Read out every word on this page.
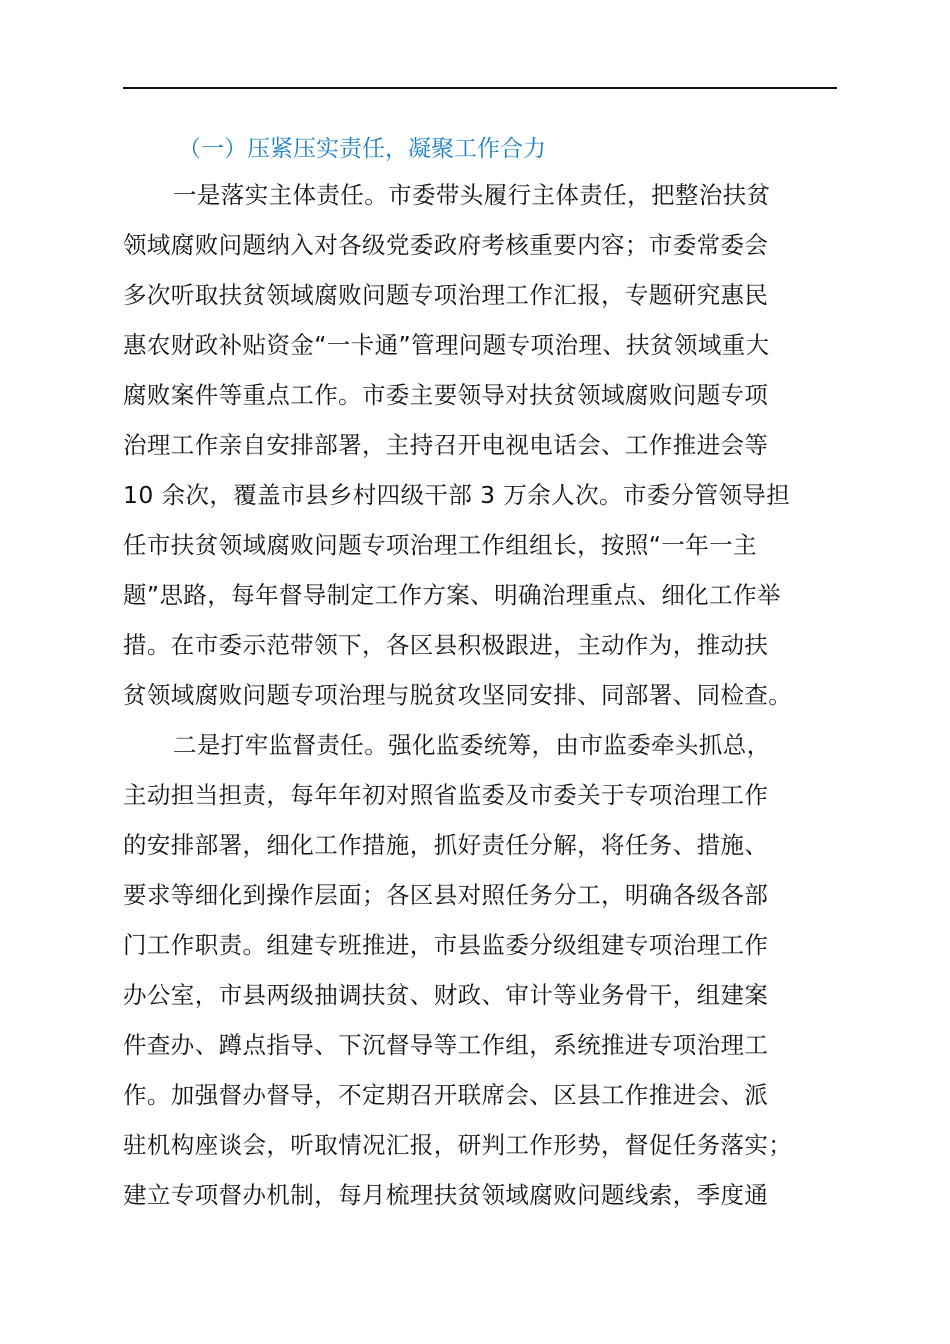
（一）压紧压实责任，凝聚工作合力
一是落实主体责任。市委带头履行主体责任，把整治扶贫
领域腐败问题纳入对各级党委政府考核重要内容；市委常委会
多次听取扶贫领域腐败问题专项治理工作汇报，专题研究惠民
惠农财政补贴资金“一卡通”管理问题专项治理、扶贫领域重大
腐败案件等重点工作。市委主要领导对扶贫领域腐败问题专项
治理工作亲自安排部署，主持召开电视电话会、工作推进会等
10 余次，覆盖市县乡村四级干部 3 万余人次。市委分管领导担
任市扶贫领域腐败问题专项治理工作组组长，按照“一年一主
题”思路，每年督导制定工作方案、明确治理重点、细化工作举
措。在市委示范带领下，各区县积极跟进，主动作为，推动扶
贫领域腐败问题专项治理与脱贫攻坚同安排、同部署、同检查。
二是打牢监督责任。强化监委统筹，由市监委牵头抓总，
主动担当担责，每年年初对照省监委及市委关于专项治理工作
的安排部署，细化工作措施，抓好责任分解，将任务、措施、
要求等细化到操作层面；各区县对照任务分工，明确各级各部
门工作职责。组建专班推进，市县监委分级组建专项治理工作
办公室，市县两级抽调扶贫、财政、审计等业务骨干，组建案
件查办、蹲点指导、下沉督导等工作组，系统推进专项治理工
作。加强督办督导，不定期召开联席会、区县工作推进会、派
驻机构座谈会，听取情况汇报，研判工作形势，督促任务落实；
建立专项督办机制，每月梳理扶贫领域腐败问题线索，季度通
